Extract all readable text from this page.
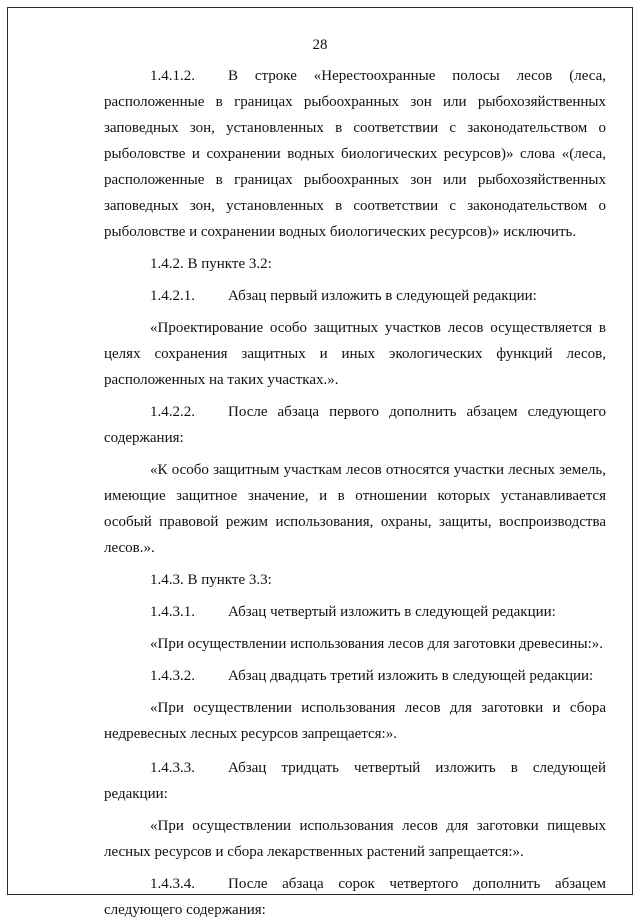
28

1.4.1.2. В строке «Нерестоохранные полосы лесов (леса, расположенные в границах рыбоохранных зон или рыбохозяйственных заповедных зон, установленных в соответствии с законодательством о рыболовстве и сохранении водных биологических ресурсов)» слова «(леса, расположенные в границах рыбоохранных зон или рыбохозяйственных заповедных зон, установленных в соответствии с законодательством о рыболовстве и сохранении водных биологических ресурсов)» исключить.

1.4.2. В пункте 3.2:

1.4.2.1. Абзац первый изложить в следующей редакции:

«Проектирование особо защитных участков лесов осуществляется в целях сохранения защитных и иных экологических функций лесов, расположенных на таких участках.».

1.4.2.2. После абзаца первого дополнить абзацем следующего содержания:

«К особо защитным участкам лесов относятся участки лесных земель, имеющие защитное значение, и в отношении которых устанавливается особый правовой режим использования, охраны, защиты, воспроизводства лесов.».

1.4.3. В пункте 3.3:

1.4.3.1. Абзац четвертый изложить в следующей редакции:

«При осуществлении использования лесов для заготовки древесины:».

1.4.3.2. Абзац двадцать третий изложить в следующей редакции:

«При осуществлении использования лесов для заготовки и сбора недревесных лесных ресурсов запрещается:».

1.4.3.3. Абзац тридцать четвертый изложить в следующей редакции:

«При осуществлении использования лесов для заготовки пищевых лесных ресурсов и сбора лекарственных растений запрещается:».

1.4.3.4. После абзаца сорок четвертого дополнить абзацем следующего содержания:
